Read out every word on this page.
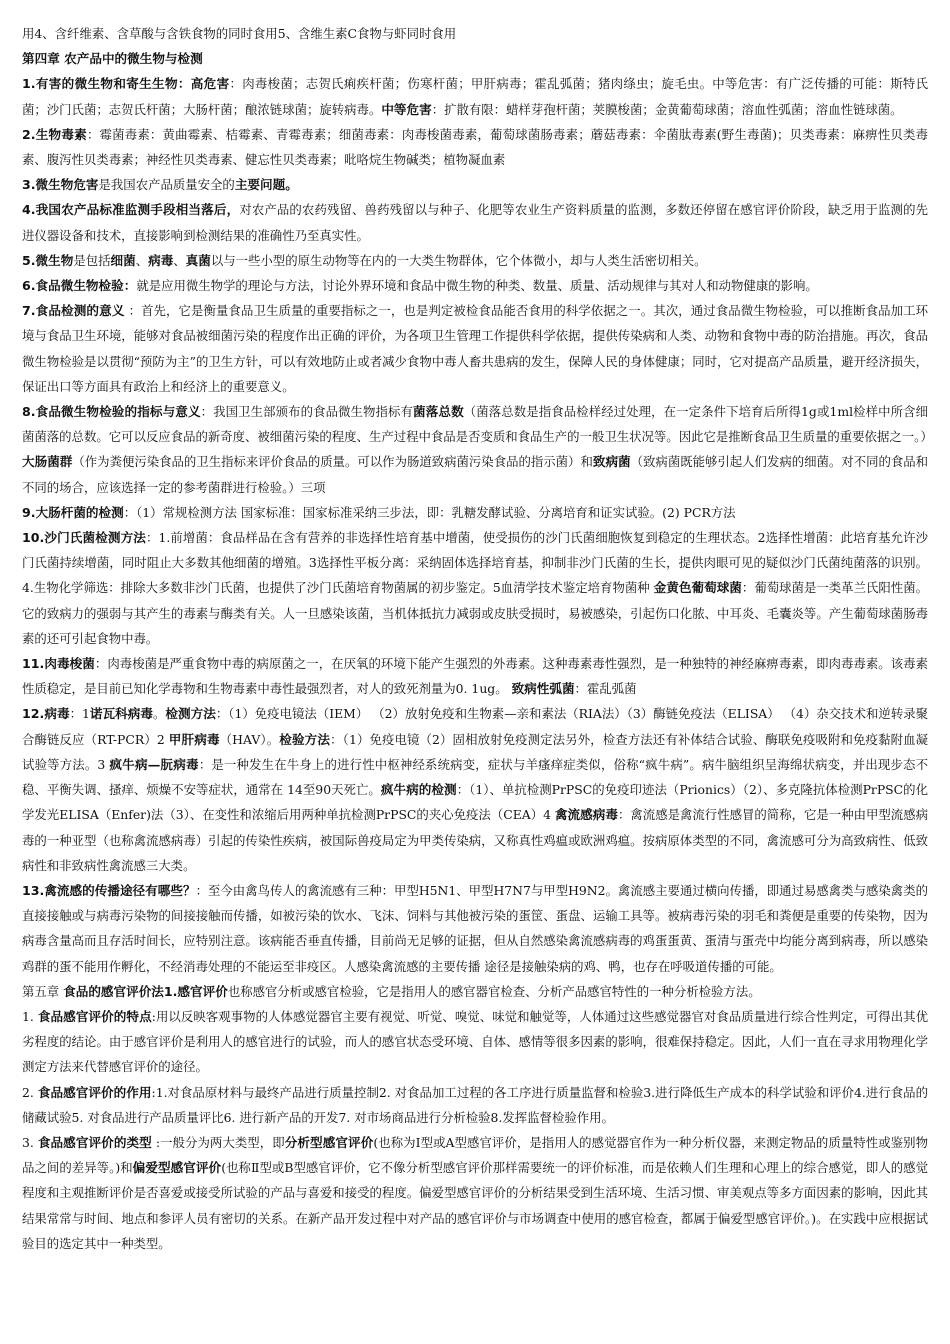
用4、含纤维素、含草酸与含铁食物的同时食用5、含维生素C食物与虾同时食用

第四章 农产品中的微生物与检测

1.有害的微生物和寄生生物：高危害：肉毒梭菌；志贺氏痢疾杆菌；伤寒杆菌；甲肝病毒；霍乱弧菌；猪肉绦虫；旋毛虫。中等危害：有广泛传播的可能：斯特氏菌；沙门氏菌；志贺氏杆菌；大肠杆菌；酿浓链球菌；旋转病毒。中等危害：扩散有限：蜡样芽孢杆菌；荚膜梭菌；金黄葡萄球菌；溶血性弧菌；溶血性链球菌。

2.生物毒素：霉菌毒素：黄曲霉素、桔霉素、青霉毒素；细菌毒素：肉毒梭菌毒素，葡萄球菌肠毒素；蘑菇毒素：伞菌肽毒素(野生毒菌)；贝类毒素：麻痹性贝类毒素、腹泻性贝类毒素；神经性贝类毒素、健忘性贝类毒素；吡咯烷生物碱类；植物凝血素

3.微生物危害是我国农产品质量安全的主要问题。

4.我国农产品标准监测手段相当落后，对农产品的农药残留、兽药残留以与种子、化肥等农业生产资料质量的监测，多数还停留在感官评价阶段，缺乏用于监测的先进仪器设备和技术，直接影响到检测结果的准确性乃至真实性。

5.微生物是包括细菌、病毒、真菌以与一些小型的原生动物等在内的一大类生物群体，它个体微小，却与人类生活密切相关。

6.食品微生物检验：就是应用微生物学的理论与方法，讨论外界环境和食品中微生物的种类、数量、质量、活动规律与其对人和动物健康的影响。

7.食品检测的意义 ：首先，它是衡量食品卫生质量的重要指标之一，也是判定被检食品能否食用的科学依据之一。其次，通过食品微生物检验，可以推断食品加工环境与食品卫生环境，能够对食品被细菌污染的程度作出正确的评价，为各项卫生管理工作提供科学依据，提供传染病和人类、动物和食物中毒的防治措施。再次，食品微生物检验是以贯彻“预防为主”的卫生方针，可以有效地防止或者减少食物中毒人畜共患病的发生，保障人民的身体健康；同时，它对提高产品质量，避开经济损失，保证出口等方面具有政治上和经济上的重要意义。

8.食品微生物检验的指标与意义：我国卫生部颁布的食品微生物指标有菌落总数（菌落总数是指食品检样经过处理，在一定条件下培育后所得1g或1ml检样中所含细菌菌落的总数。它可以反应食品的新奇度、被细菌污染的程度、生产过程中食品是否变质和食品生产的一般卫生状况等。因此它是推断食品卫生质量的重要依据之一。）大肠菌群（作为粪便污染食品的卫生指标来评价食品的质量。可以作为肠道致病菌污染食品的指示菌）和致病菌（致病菌既能够引起人们发病的细菌。对不同的食品和不同的场合，应该选择一定的参考菌群进行检验。）三项

9.大肠杆菌的检测：（1）常规检测方法 国家标准：国家标准采纳三步法，即：乳糖发酵试验、分离培育和证实试验。(2) PCR方法

10.沙门氏菌检测方法：1.前增菌：食品样品在含有营养的非选择性培育基中增菌，使受损伤的沙门氏菌细胞恢复到稳定的生理状态。2选择性增菌：此培育基允许沙门氏菌持续增菌，同时阻止大多数其他细菌的增殖。3选择性平板分离：采纳固体选择培育基，抑制非沙门氏菌的生长，提供肉眼可见的疑似沙门氏菌纯菌落的识别。4.生物化学筛选：排除大多数非沙门氏菌，也提供了沙门氏菌培育物菌属的初步鉴定。5血清学技术鉴定培育物菌种 金黄色葡萄球菌：葡萄球菌是一类革兰氏阳性菌。它的致病力的强弱与其产生的毒素与酶类有关。人一旦感染该菌，当机体抵抗力减弱或皮肤受损时，易被感染，引起伤口化脓、中耳炎、毛囊炎等。产生葡萄球菌肠毒素的还可引起食物中毒。

11.肉毒梭菌：肉毒梭菌是严重食物中毒的病原菌之一，在厌氧的环境下能产生强烈的外毒素。这种毒素毒性强烈，是一种独特的神经麻痹毒素，即肉毒毒素。该毒素性质稳定，是目前已知化学毒物和生物毒素中毒性最强烈者，对人的致死剂量为0. 1ug。 致病性弧菌：霍乱弧菌

12.病毒：1诺瓦科病毒。检测方法：（1）免疫电镜法（IEM） （2）放射免疫和生物素—亲和素法（RIA法）（3）酶链免疫法（ELISA） （4）杂交技术和逆转录聚合酶链反应（RT-PCR）2 甲肝病毒（HAV）。检验方法：（1）免疫电镜（2）固相放射免疫测定法另外，检查方法还有补体结合试验、酶联免疫吸附和免疫黏附血凝试验等方法。3 疯牛病—朊病毒：是一种发生在牛身上的进行性中枢神经系统病变，症状与羊瘙痒症类似，俗称“疯牛病”。病牛脑组织呈海绵状病变，并出现步态不稳、平衡失调、搔痒、烦燥不安等症状，通常在 14至90天死亡。疯牛病的检测：（1）、单抗检测PrPSC的免疫印迹法（Prionics）（2）、多克隆抗体检测PrPSC的化学发光ELISA（Enfer)法（3）、在变性和浓缩后用两种单抗检测PrPSC的夹心免疫法（CEA）4 禽流感病毒：禽流感是禽流行性感冒的简称，它是一种由甲型流感病毒的一种亚型（也称禽流感病毒）引起的传染性疾病，被国际兽疫局定为甲类传染病，又称真性鸡瘟或欧洲鸡瘟。按病原体类型的不同，禽流感可分为高致病性、低致病性和非致病性禽流感三大类。

13.禽流感的传播途径有哪些？：至今由禽鸟传人的禽流感有三种：甲型H5N1、甲型H7N7与甲型H9N2。禽流感主要通过横向传播，即通过易感禽类与感染禽类的直接接触或与病毒污染物的间接接触而传播，如被污染的饮水、飞沫、饲料与其他被污染的蛋筐、蛋盘、运输工具等。被病毒污染的羽毛和粪便是重要的传染物，因为病毒含量高而且存活时间长，应特别注意。该病能否垂直传播，目前尚无足够的证据，但从自然感染禽流感病毒的鸡蛋蛋黄、蛋清与蛋壳中均能分离到病毒，所以感染鸡群的蛋不能用作孵化，不经消毒处理的不能运至非疫区。人感染禽流感的主要传播 途径是接触染病的鸡、鸭，也存在呼吸道传播的可能。

第五章 食品的感官评价法1.感官评价也称感官分析或感官检验，它是指用人的感官器官检查、分析产品感官特性的一种分析检验方法。

1. 食品感官评价的特点:用以反映客观事物的人体感觉器官主要有视觉、听觉、嗅觉、味觉和触觉等，人体通过这些感觉器官对食品质量进行综合性判定，可得出其优劣程度的结论。由于感官评价是利用人的感官进行的试验，而人的感官状态受环境、自体、感情等很多因素的影响，很难保持稳定。因此，人们一直在寻求用物理化学测定方法来代替感官评价的途径。

2. 食品感官评价的作用:1.对食品原材料与最终产品进行质量控制2. 对食品加工过程的各工序进行质量监督和检验3.进行降低生产成本的科学试验和评价4.进行食品的储藏试验5. 对食品进行产品质量评比6. 进行新产品的开发7. 对市场商品进行分析检验8.发挥监督检验作用。

3. 食品感官评价的类型 :一般分为两大类型，即分析型感官评价(也称为Ⅰ型或A型感官评价，是指用人的感觉器官作为一种分析仪器，来测定物品的质量特性或鉴别物品之间的差异等。)和偏爱型感官评价(也称Ⅱ型或B型感官评价，它不像分析型感官评价那样需要统一的评价标准，而是依赖人们生理和心理上的综合感觉，即人的感觉程度和主观推断评价是否喜爱或接受所试验的产品与喜爱和接受的程度。偏爱型感官评价的分析结果受到生活环境、生活习惯、审美观点等多方面因素的影响，因此其结果常常与时间、地点和参评人员有密切的关系。在新产品开发过程中对产品的感官评价与市场调查中使用的感官检查，都属于偏爱型感官评价。)。在实践中应根据试验目的选定其中一种类型。
